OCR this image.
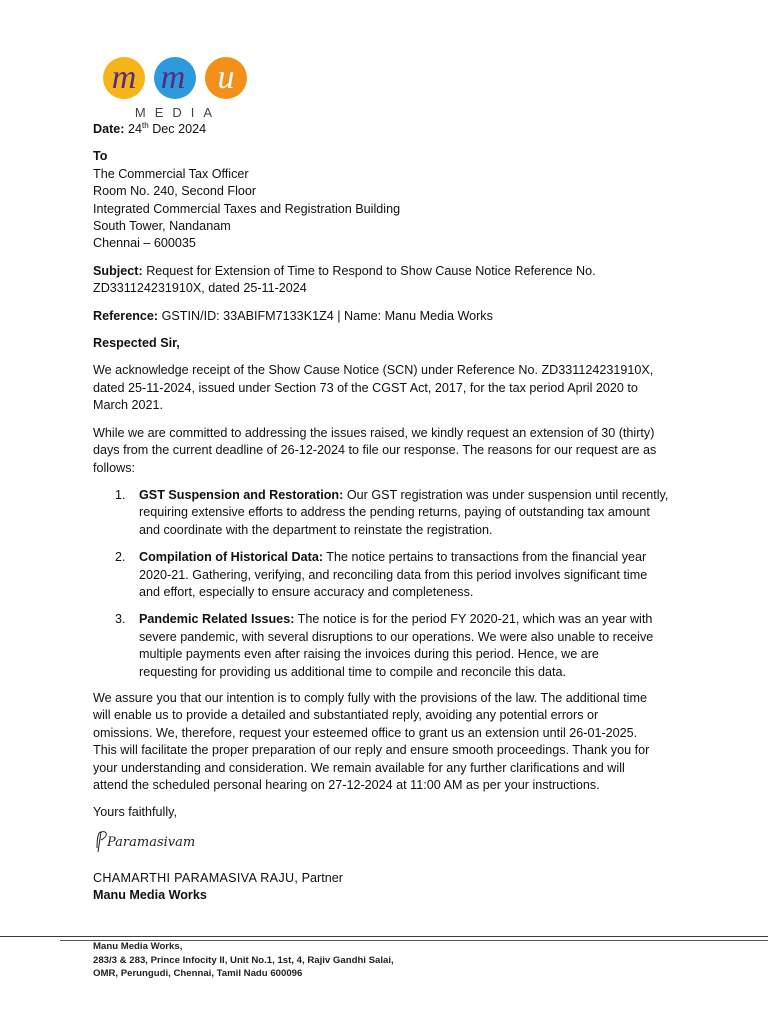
m m u
MEDIA
Date: 24th Dec 2024
To
The Commercial Tax Officer
Room No. 240, Second Floor
Integrated Commercial Taxes and Registration Building
South Tower, Nandanam
Chennai – 600035
Subject: Request for Extension of Time to Respond to Show Cause Notice Reference No.
ZD331124231910X, dated 25-11-2024
Reference: GSTIN/ID: 33ABIFM7133K1Z4 | Name: Manu Media Works
Respected Sir,
We acknowledge receipt of the Show Cause Notice (SCN) under Reference No. ZD331124231910X,
dated 25-11-2024, issued under Section 73 of the CGST Act, 2017, for the tax period April 2020 to
March 2021.
While we are committed to addressing the issues raised, we kindly request an extension of 30 (thirty)
days from the current deadline of 26-12-2024 to file our response. The reasons for our request are as
follows:
1. GST Suspension and Restoration: Our GST registration was under suspension until recently,
requiring extensive efforts to address the pending returns, paying of outstanding tax amount
and coordinate with the department to reinstate the registration.
2. Compilation of Historical Data: The notice pertains to transactions from the financial year
2020-21. Gathering, verifying, and reconciling data from this period involves significant time
and effort, especially to ensure accuracy and completeness.
3. Pandemic Related Issues: The notice is for the period FY 2020-21, which was an year with
severe pandemic, with several disruptions to our operations. We were also unable to receive
multiple payments even after raising the invoices during this period. Hence, we are
requesting for providing us additional time to compile and reconcile this data.
We assure you that our intention is to comply fully with the provisions of the law. The additional time
will enable us to provide a detailed and substantiated reply, avoiding any potential errors or
omissions. We, therefore, request your esteemed office to grant us an extension until 26-01-2025.
This will facilitate the proper preparation of our reply and ensure smooth proceedings. Thank you for
your understanding and consideration. We remain available for any further clarifications and will
attend the scheduled personal hearing on 27-12-2024 at 11:00 AM as per your instructions.
Yours faithfully,
Paramasivam
CHAMARTHI PARAMASIVA RAJU, Partner
Manu Media Works
Manu Media Works,
283/3 & 283, Prince Infocity II, Unit No.1, 1st, 4, Rajiv Gandhi Salai,
OMR, Perungudi, Chennai, Tamil Nadu 600096
